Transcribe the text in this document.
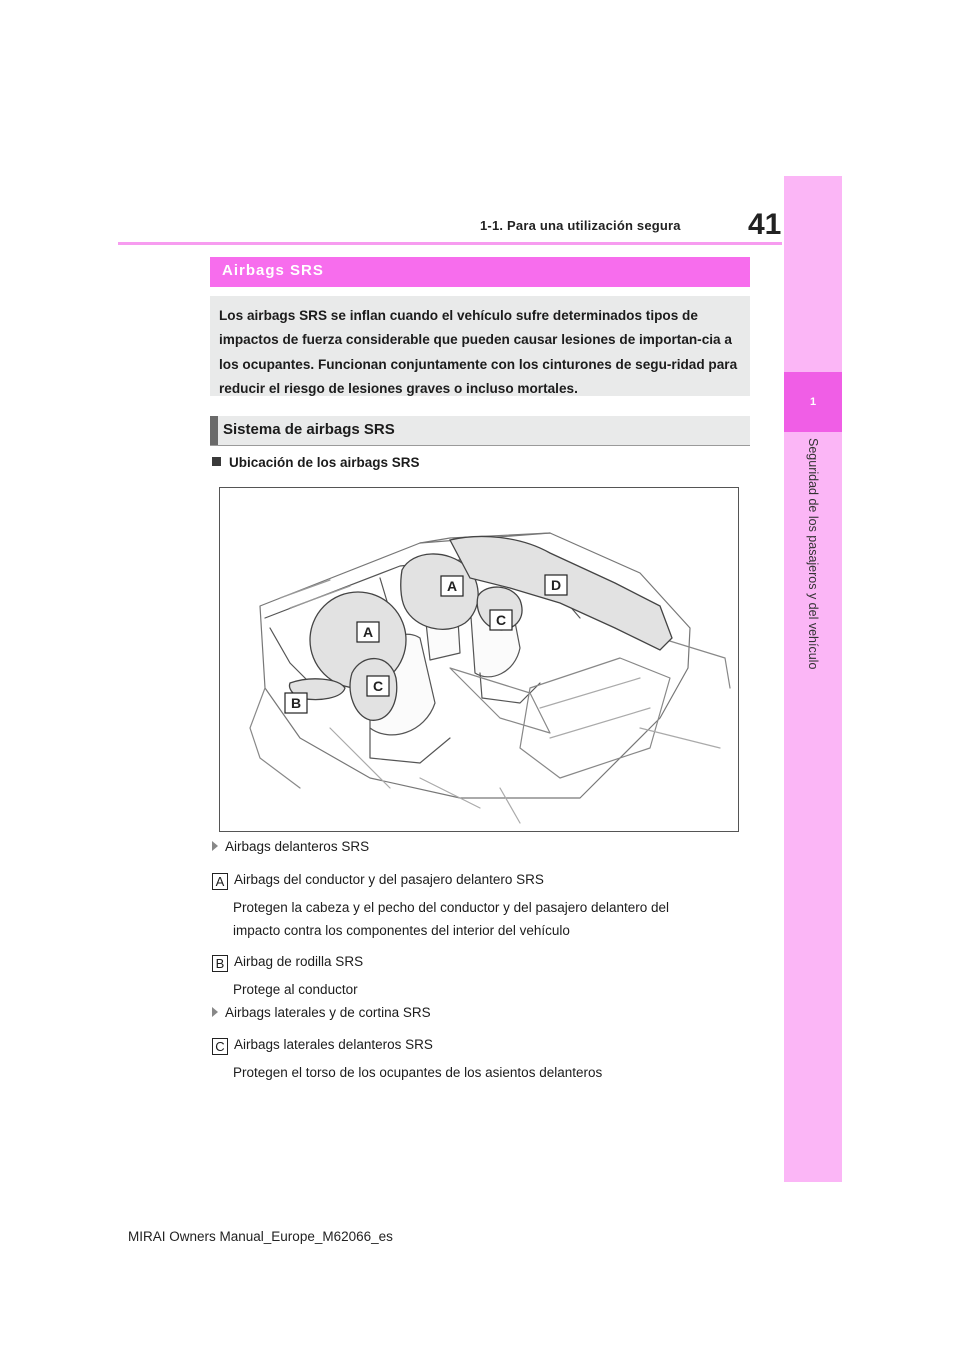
41
1-1. Para una utilización segura
1
Seguridad de los pasajeros y del vehículo
Airbags SRS
Los airbags SRS se inflan cuando el vehículo sufre determinados tipos de impactos de fuerza considerable que pueden causar lesiones de importan-cia a los ocupantes. Funcionan conjuntamente con los cinturones de segu-ridad para reducir el riesgo de lesiones graves o incluso mortales.
Sistema de airbags SRS
Ubicación de los airbags SRS
A	D
C
A
C
B
Airbags delanteros SRS
A Airbags del conductor y del pasajero delantero SRS
Protegen la cabeza y el pecho del conductor y del pasajero delantero del
impacto contra los componentes del interior del vehículo
B Airbag de rodilla SRS
Protege al conductor
Airbags laterales y de cortina SRS
C Airbags laterales delanteros SRS
Protegen el torso de los ocupantes de los asientos delanteros
MIRAI Owners Manual_Europe_M62066_es
